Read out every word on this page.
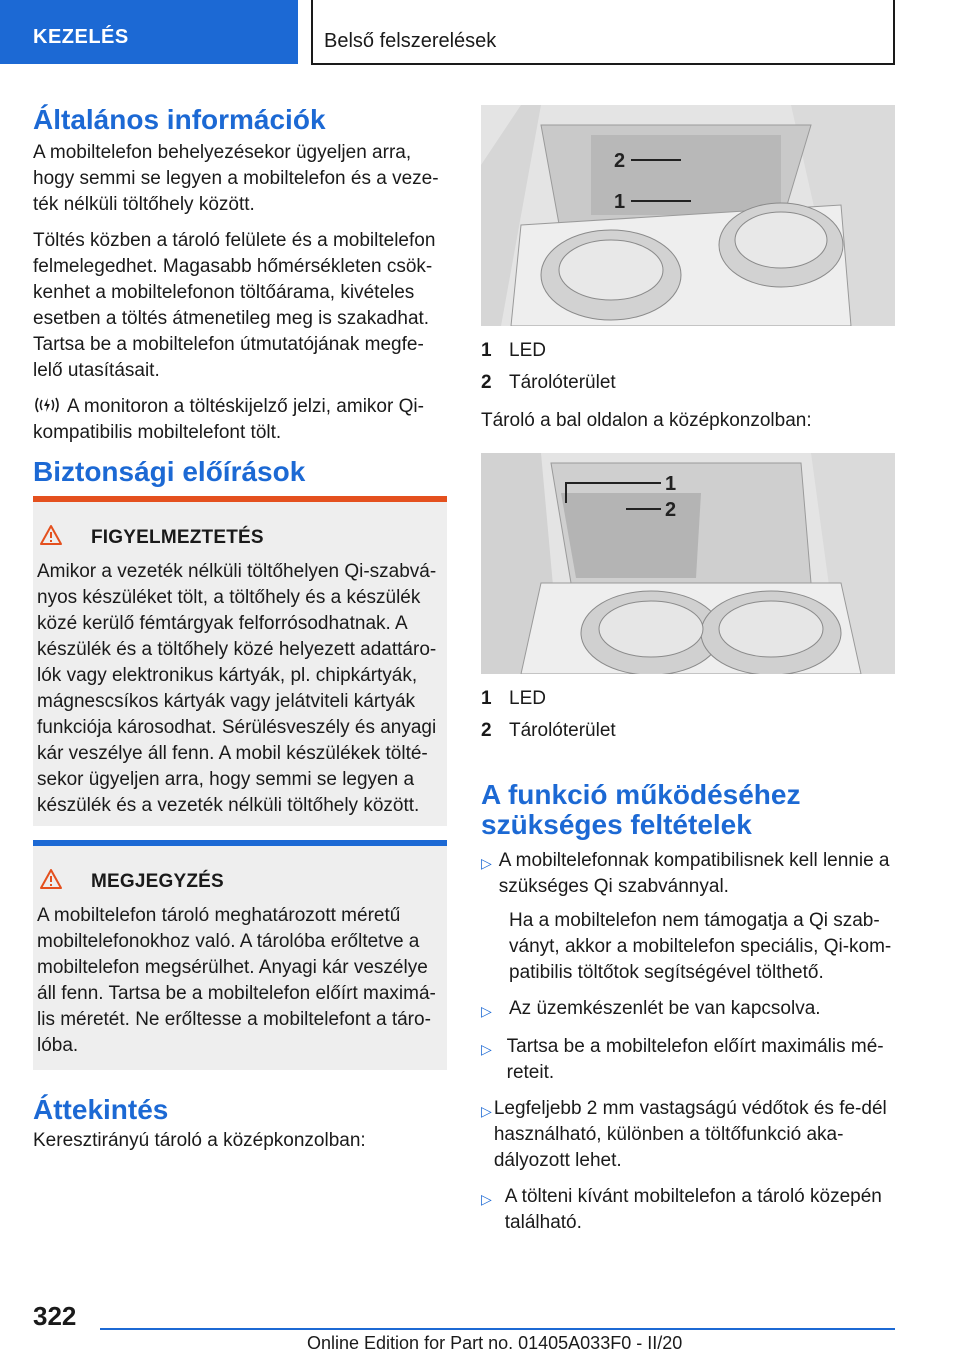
KEZELÉS	Belső felszerelések
Általános információk

A mobiltelefon behelyezésekor ügyeljen arra, hogy semmi se legyen a mobiltelefon és a veze-ték nélküli töltőhely között.

Töltés közben a tároló felülete és a mobiltelefon felmelegedhet. Magasabb hőmérsékleten csök-kenhet a mobiltelefonon töltőárama, kivételes esetben a töltés átmenetileg meg is szakadhat. Tartsa be a mobiltelefon útmutatójának megfe-lelő utasításait.

A monitoron a töltéskijelző jelzi, amikor Qi-kompatibilis mobiltelefont tölt.

Biztonsági előírások
FIGYELMEZTETÉS
Amikor a vezeték nélküli töltőhelyen Qi-szabvá-nyos készüléket tölt, a töltőhely és a készülék közé kerülő fémtárgyak felforrósodhatnak. A készülék és a töltőhely közé helyezett adattáro-lók vagy elektronikus kártyák, pl. chipkártyák, mágnescsíkos kártyák vagy jelátviteli kártyák funkciója károsodhat. Sérülésveszély és anyagi kár veszélye áll fenn. A mobil készülékek tölté-sekor ügyeljen arra, hogy semmi se legyen a készülék és a vezeték nélküli töltőhely között.
MEGJEGYZÉS
A mobiltelefon tároló meghatározott méretű mobiltelefonokhoz való. A tárolóba erőltetve a mobiltelefon megsérülhet. Anyagi kár veszélye áll fenn. Tartsa be a mobiltelefon előírt maximá-lis méretét. Ne erőltesse a mobiltelefont a táro-lóba.
Áttekintés

Keresztirányú tároló a középkonzolban:

2
1
1 LED
2 Tárolóterület

Tároló a bal oldalon a középkonzolban:

1
2
1 LED
2 Tárolóterület
A funkció működéséhez szükséges feltételek
▷ A mobiltelefonnak kompatibilisnek kell lennie a szükséges Qi szabvánnyal.

Ha a mobiltelefon nem támogatja a Qi szab-ványt, akkor a mobiltelefon speciális, Qi-kom-patibilis töltőtok segítségével tölthető.

▷ Az üzemkészenlét be van kapcsolva.
▷ Tartsa be a mobiltelefon előírt maximális mé-reteit.
▷ Legfeljebb 2 mm vastagságú védőtok és fe-dél használható, különben a töltőfunkció aka-dályozott lehet.
▷ A tölteni kívánt mobiltelefon a tároló közepén található.
322
Online Edition for Part no. 01405A033F0 - II/20
